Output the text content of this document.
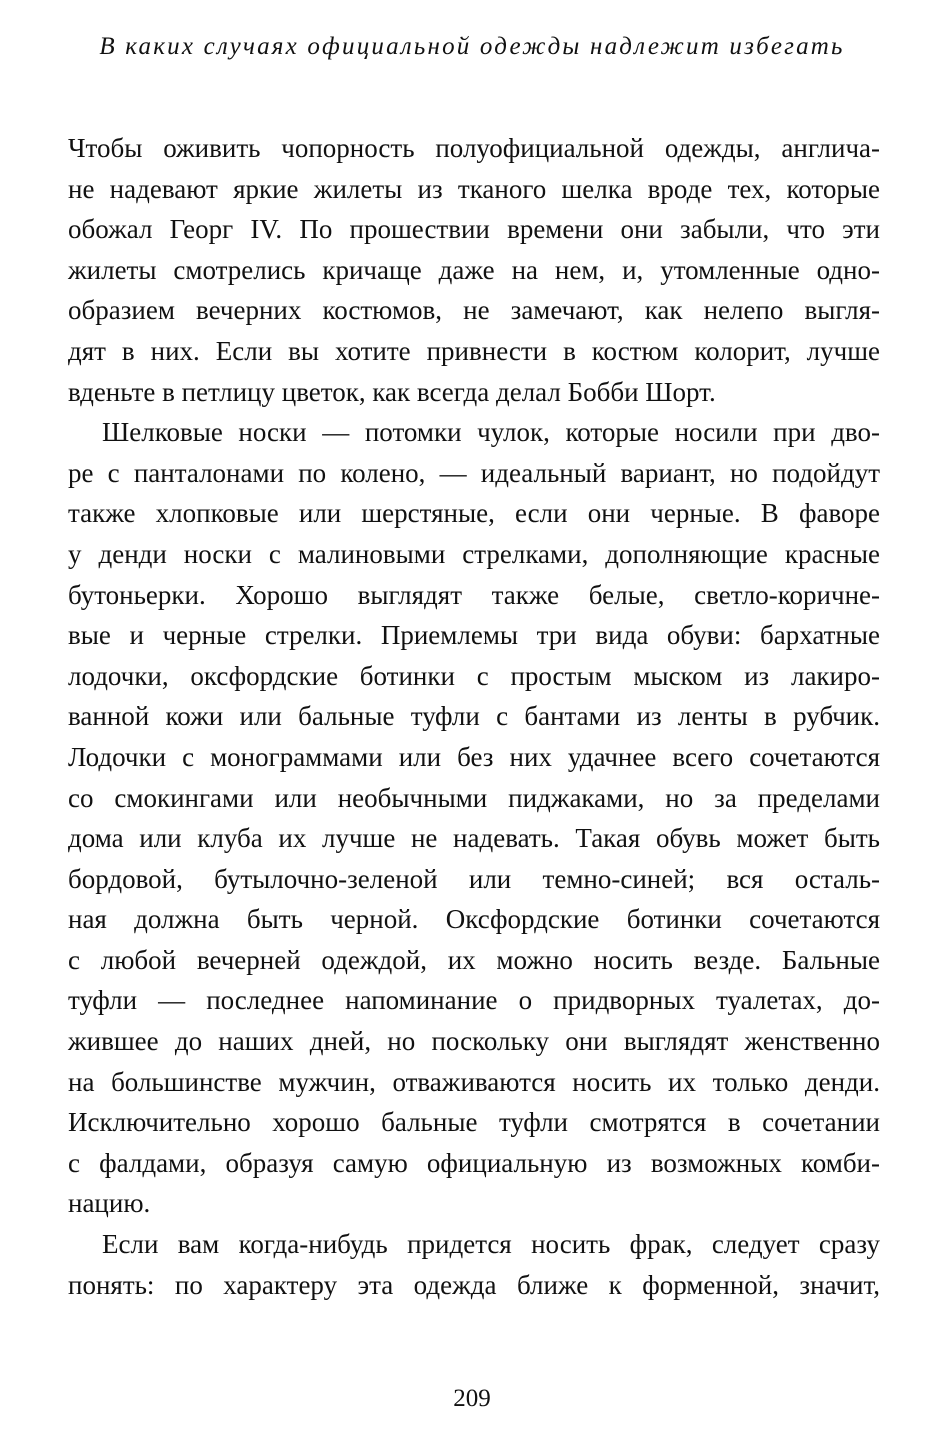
В каких случаях официальной одежды надлежит избегать

Чтобы оживить чопорность полуофициальной одежды, англича-
не надевают яркие жилеты из тканого шелка вроде тех, которые
обожал Георг IV. По прошествии времени они забыли, что эти
жилеты смотрелись кричаще даже на нем, и, утомленные одно-
образием вечерних костюмов, не замечают, как нелепо выгля-
дят в них. Если вы хотите привнести в костюм колорит, лучше
вденьте в петлицу цветок, как всегда делал Бобби Шорт.

Шелковые носки — потомки чулок, которые носили при дво-
ре с панталонами по колено, — идеальный вариант, но подойдут
также хлопковые или шерстяные, если они черные. В фаворе
у денди носки с малиновыми стрелками, дополняющие красные
бутоньерки. Хорошо выглядят также белые, светло-коричне-
вые и черные стрелки. Приемлемы три вида обуви: бархатные
лодочки, оксфордские ботинки с простым мыском из лакиро-
ванной кожи или бальные туфли с бантами из ленты в рубчик.
Лодочки с монограммами или без них удачнее всего сочетаются
со смокингами или необычными пиджаками, но за пределами
дома или клуба их лучше не надевать. Такая обувь может быть
бордовой, бутылочно-зеленой или темно-синей; вся осталь-
ная должна быть черной. Оксфордские ботинки сочетаются
с любой вечерней одеждой, их можно носить везде. Бальные
туфли — последнее напоминание о придворных туалетах, до-
жившее до наших дней, но поскольку они выглядят женственно
на большинстве мужчин, отваживаются носить их только денди.
Исключительно хорошо бальные туфли смотрятся в сочетании
с фалдами, образуя самую официальную из возможных комби-
нацию.

Если вам когда-нибудь придется носить фрак, следует сразу
понять: по характеру эта одежда ближе к форменной, значит,

209
